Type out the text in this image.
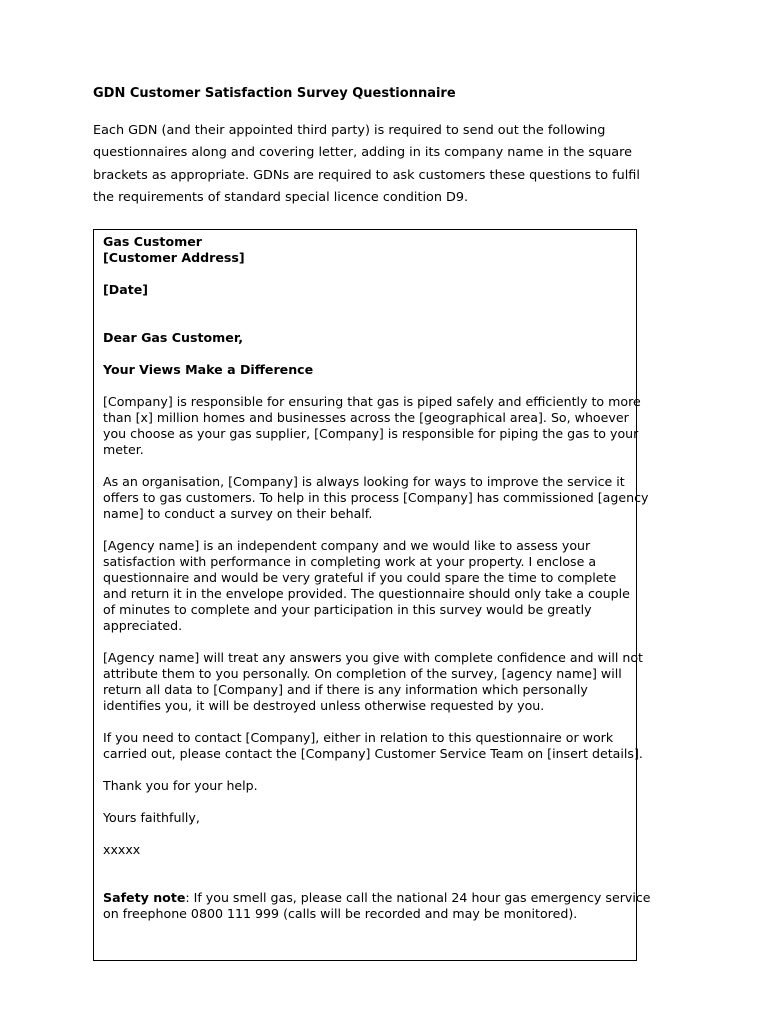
GDN Customer Satisfaction Survey Questionnaire

Each GDN (and their appointed third party) is required to send out the following
questionnaires along and covering letter, adding in its company name in the square
brackets as appropriate. GDNs are required to ask customers these questions to fulfil
the requirements of standard special licence condition D9.

Gas Customer
[Customer Address]
[Date]
Dear Gas Customer,
Your Views Make a Difference
[Company] is responsible for ensuring that gas is piped safely and efficiently to more
than [x] million homes and businesses across the [geographical area]. So, whoever
you choose as your gas supplier, [Company] is responsible for piping the gas to your
meter.
As an organisation, [Company] is always looking for ways to improve the service it
offers to gas customers. To help in this process [Company] has commissioned [agency
name] to conduct a survey on their behalf.
[Agency name] is an independent company and we would like to assess your
satisfaction with performance in completing work at your property. I enclose a
questionnaire and would be very grateful if you could spare the time to complete
and return it in the envelope provided. The questionnaire should only take a couple
of minutes to complete and your participation in this survey would be greatly
appreciated.
[Agency name] will treat any answers you give with complete confidence and will not
attribute them to you personally. On completion of the survey, [agency name] will
return all data to [Company] and if there is any information which personally
identifies you, it will be destroyed unless otherwise requested by you.
If you need to contact [Company], either in relation to this questionnaire or work
carried out, please contact the [Company] Customer Service Team on [insert details].
Thank you for your help.
Yours faithfully,
xxxxx
Safety note: If you smell gas, please call the national 24 hour gas emergency service
on freephone 0800 111 999 (calls will be recorded and may be monitored).
